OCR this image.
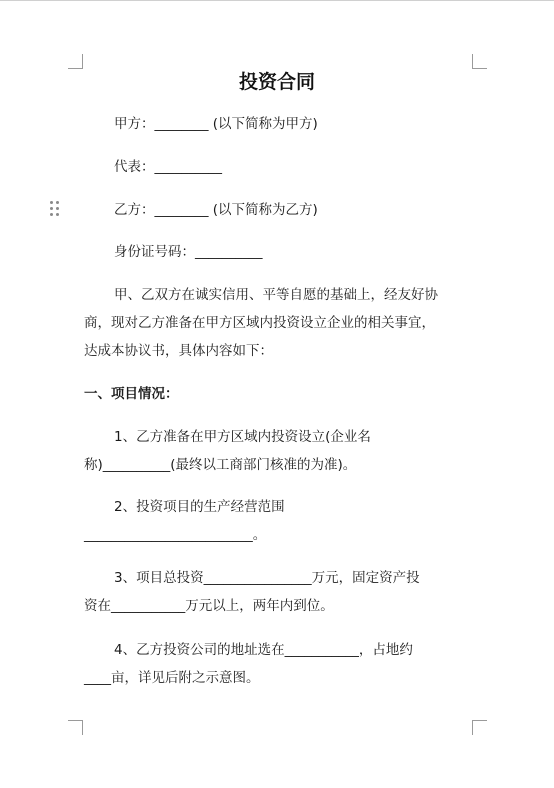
投资合同
甲方：________ (以下简称为甲方)
代表：__________
乙方：________ (以下简称为乙方)
身份证号码：__________
甲、乙双方在诚实信用、平等自愿的基础上，经友好协
商，现对乙方准备在甲方区域内投资设立企业的相关事宜，
达成本协议书，具体内容如下：
一、项目情况：
1、乙方准备在甲方区域内投资设立(企业名
称)__________(最终以工商部门核准的为准)。
2、投资项目的生产经营范围
_________________________。
3、项目总投资________________万元，固定资产投
资在___________万元以上，两年内到位。
4、乙方投资公司的地址选在___________，占地约
____亩，详见后附之示意图。
